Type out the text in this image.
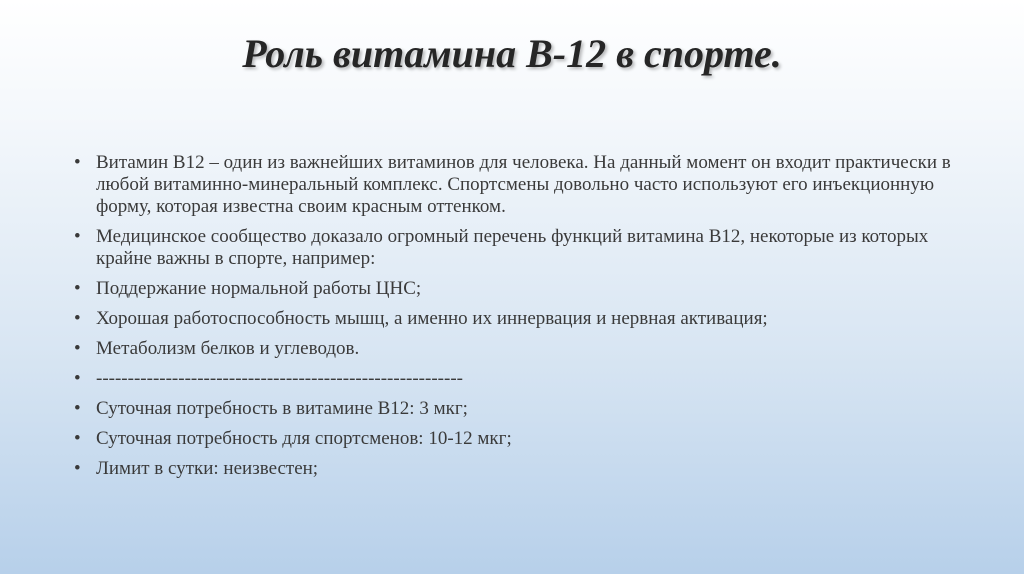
Роль витамина В-12 в спорте.
• Витамин В12 – один из важнейших витаминов для человека. На данный момент он входит практически в любой витаминно-минеральный комплекс. Спортсмены довольно часто используют его инъекционную форму, которая известна своим красным оттенком.
• Медицинское сообщество доказало огромный перечень функций витамина В12, некоторые из которых крайне важны в спорте, например:
• Поддержание нормальной работы ЦНС;
• Хорошая работоспособность мышц, а именно их иннервация и нервная активация;
• Метаболизм белков и углеводов.
• ----------------------------------------------------------
• Суточная потребность в витамине В12: 3 мкг;
• Суточная потребность для спортсменов: 10-12 мкг;
• Лимит в сутки: неизвестен;
